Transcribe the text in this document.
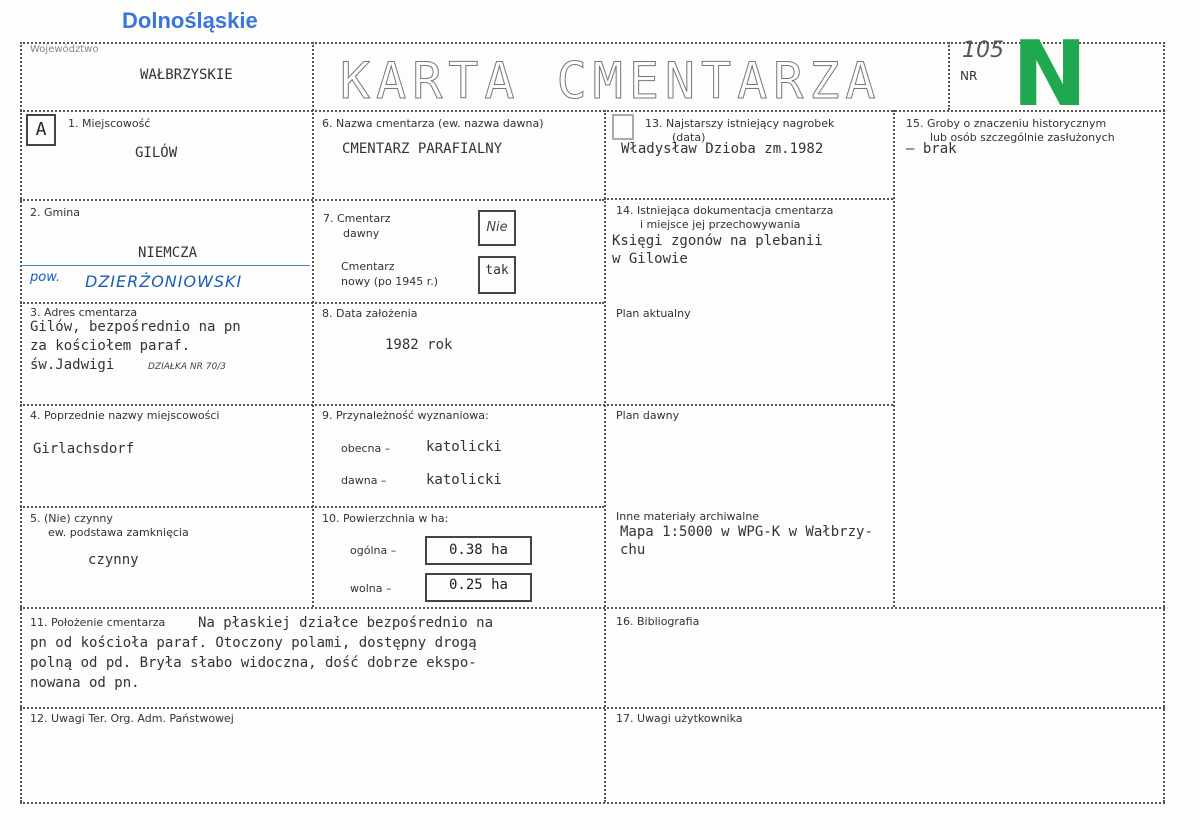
Dolnośląskie
Województwo
WAŁBRZYSKIE KARTA CMENTARZA	NR
105 N
A	1. Miejscowość
GILÓW
2. Gmina
NIEMCZA
pow. DZIERŻONIOWSKI
3. Adres cmentarza
Gilów, bezpośrednio na pn
za kościołem paraf.
św.Jadwigi	DZIAŁKA NR 70/3
4. Poprzednie nazwy miejscowości
Girlachsdorf
5. (Nie) czynny
ew. podstawa zamknięcia
czynny
6. Nazwa cmentarza (ew. nazwa dawna)
CMENTARZ PARAFIALNY
7. Cmentarz
dawny	Nie
Cmentarz
nowy (po 1945 r.)
tak
8. Data założenia
1982 rok
9. Przynależność wyznaniowa:
obecna –	katolicki
dawna –	katolicki
10. Powierzchnia w ha:
ogólna –	0.38 ha
wolna –	0.25 ha
11. Położenie cmentarza Na płaskiej działce bezpośrednio na
pn od kościoła paraf. Otoczony polami, dostępny drogą
polną od pd. Bryła słabo widoczna, dość dobrze ekspo-
nowana od pn.
12. Uwagi Ter. Org. Adm. Państwowej
13. Najstarszy istniejący nagrobek
(data)
Władysław Dzioba zm.1982
14. Istniejąca dokumentacja cmentarza
i miejsce jej przechowywania
Księgi zgonów na plebanii
w Gilowie
Plan aktualny
Plan dawny
Inne materiały archiwalne
Mapa 1:5000 w WPG-K w Wałbrzy-
chu
15. Groby o znaczeniu historycznym
lub osób szczególnie zasłużonych
– brak
16. Bibliografia
17. Uwagi użytkownika
